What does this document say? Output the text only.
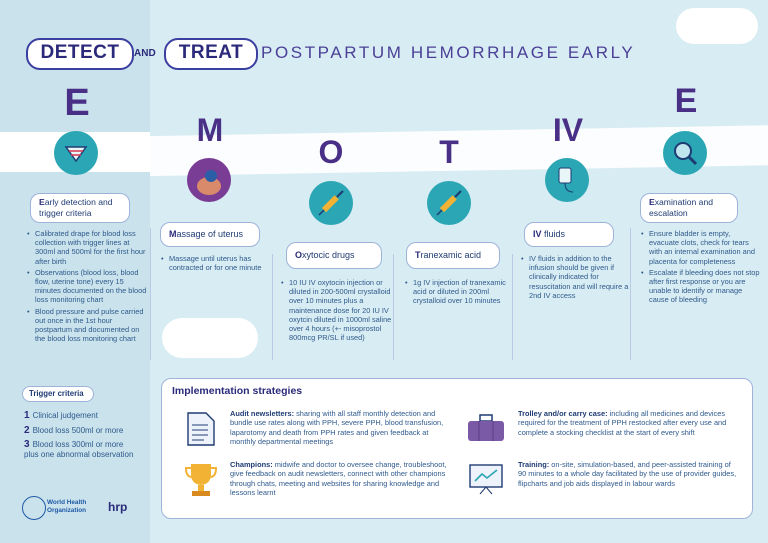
DETECT	AND	TREAT	POSTPARTUM HEMORRHAGE EARLY
E
M
O	T
IV
E
Early detection and trigger criteria
Massage of uterus
Oxytocic drugs	Tranexamic acid
IV fluids
Examination and escalation
• Calibrated drape for blood loss collection with trigger lines at 300ml and 500ml for the first hour after birth
• Observations (blood loss, blood flow, uterine tone) every 15 minutes documented on the blood loss monitoring chart
• Blood pressure and pulse carried out once in the 1st hour postpartum and documented on the blood loss monitoring chart
• Massage until uterus has contracted or for one minute
• 10 IU IV oxytocin injection or diluted in 200-500ml crystalloid over 10 minutes plus a maintenance dose for 20 IU IV oxytcin diluted in 1000ml saline over 4 hours (+- misoprostol 800mcg PR/SL if used)
• 1g IV injection of tranexamic acid or diluted in 200ml crystalloid over 10 minutes
• IV fluids in addition to the infusion should be given if clinically indicated for resuscitation and will require a 2nd IV access
• Ensure bladder is empty, evacuate clots, check for tears with an internal examination and placenta for completeness
• Escalate if bleeding does not stop after first response or you are unable to identify or manage cause of bleeding
Trigger criteria
1 Clinical judgement
2 Blood loss 500ml or more
3 Blood loss 300ml or more plus one abnormal observation
World Health Organization	hrp
Implementation strategies
Audit newsletters: sharing with all staff monthly detection and bundle use rates along with PPH, severe PPH, blood transfusion, laparotomy and death from PPH rates and given feedback at monthly departmental meetings
Champions: midwife and doctor to oversee change, troubleshoot, give feedback on audit newsletters, connect with other champions through chats, meeting and websites for sharing knowledge and lessons learnt
Trolley and/or carry case: including all medicines and devices required for the treatment of PPH restocked after every use and complete a stocking checklist at the start of every shift
Training: on-site, simulation-based, and peer-assisted training of 90 minutes to a whole day facilitated by the use of provider guides, flipcharts and job aids displayed in labour wards
